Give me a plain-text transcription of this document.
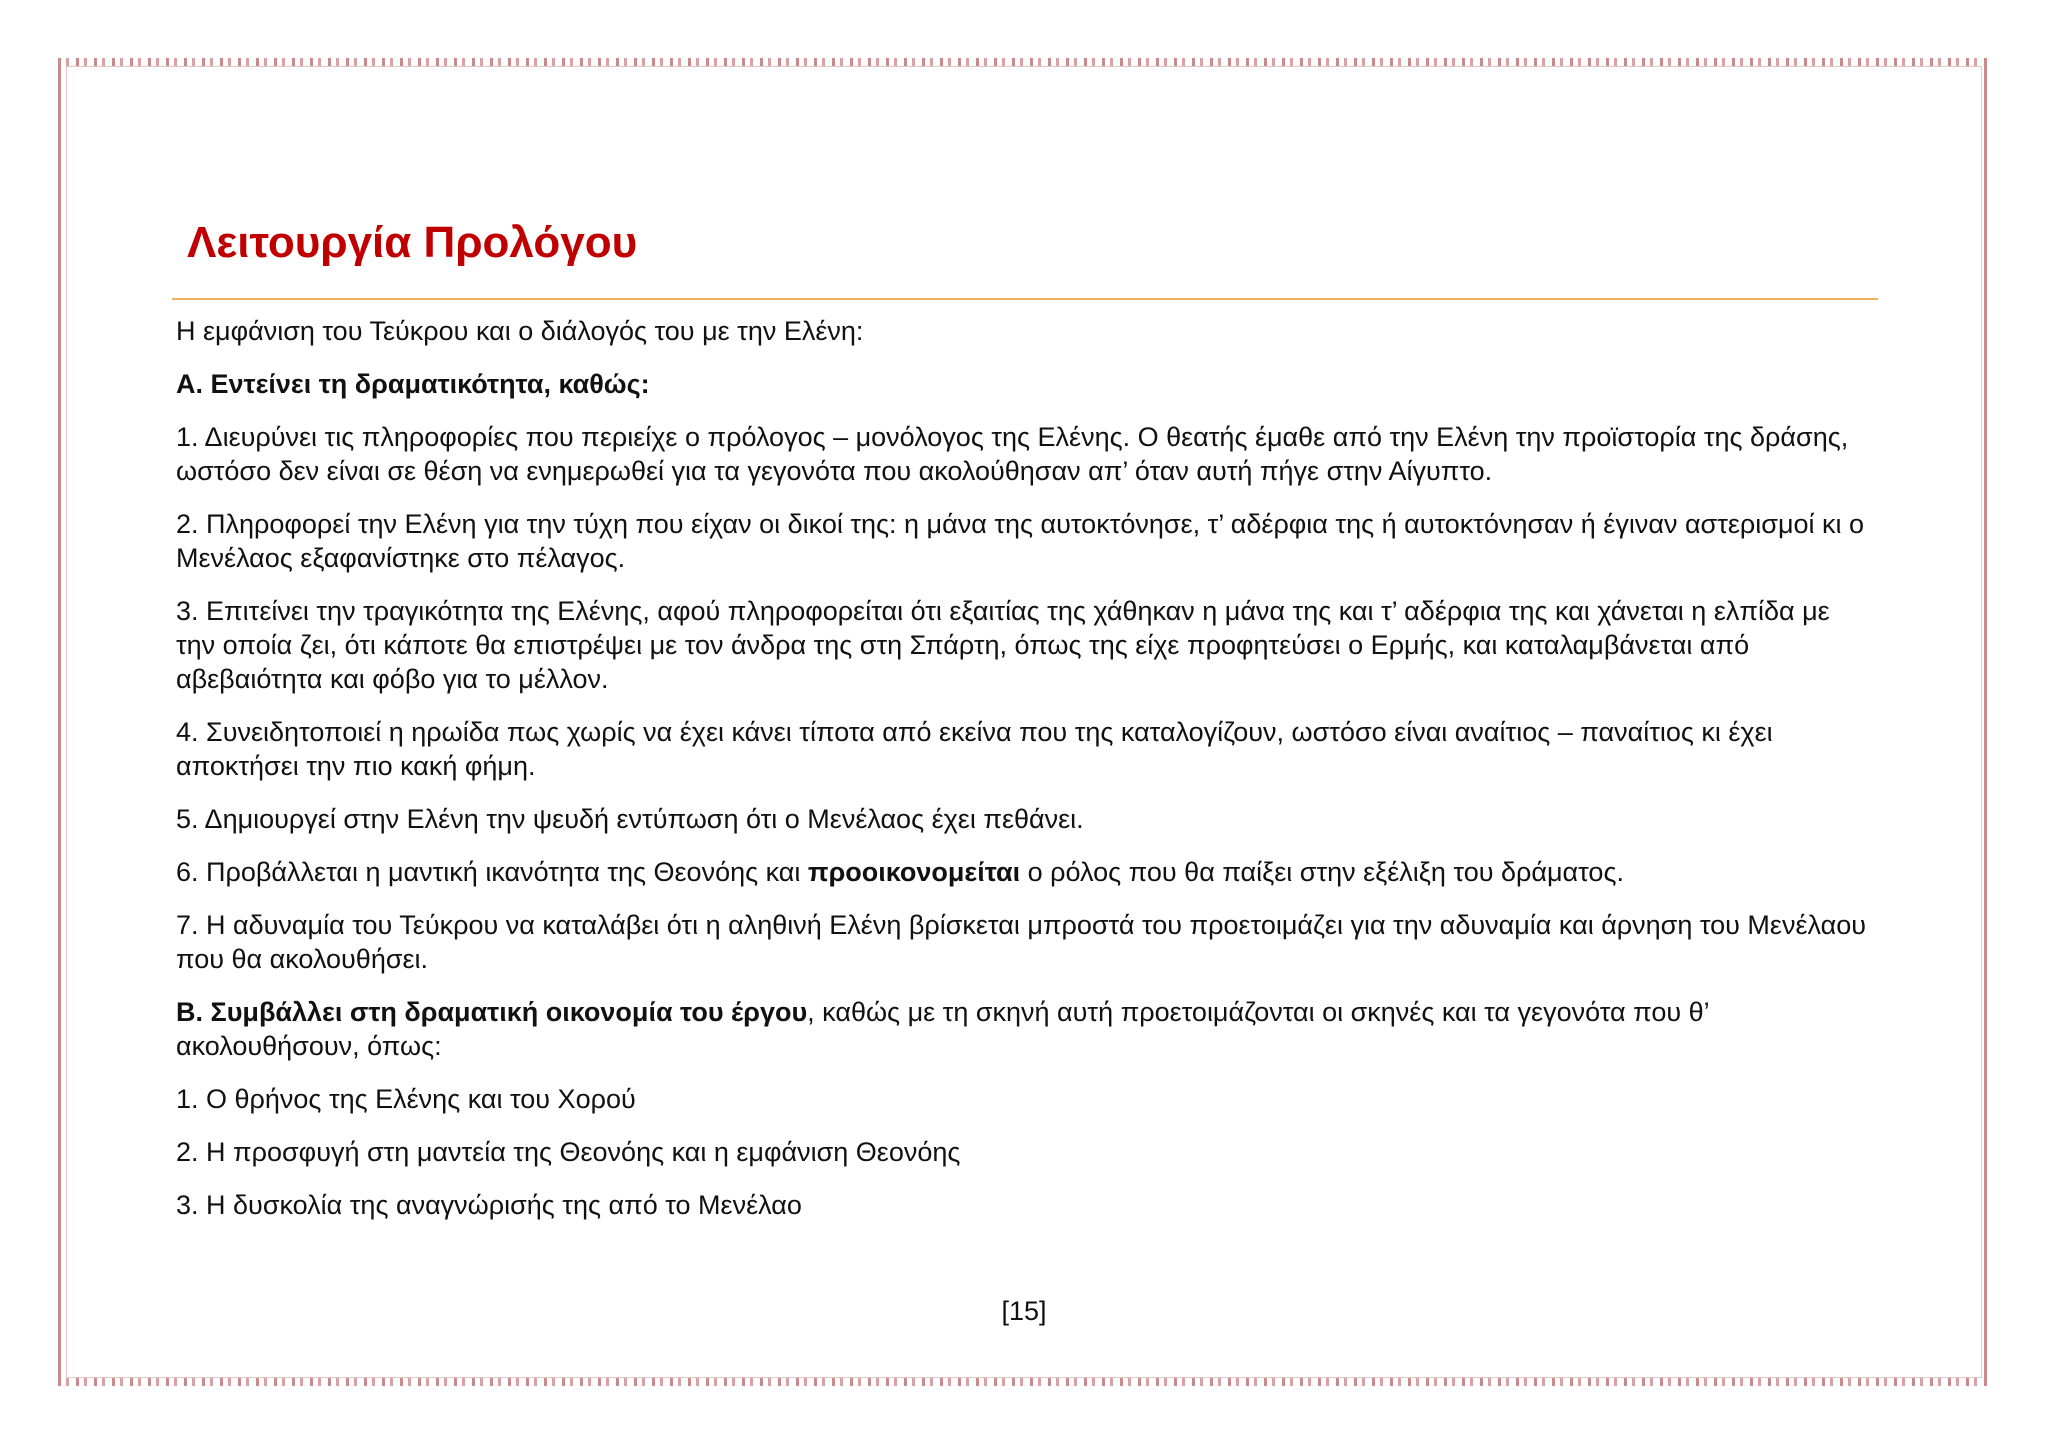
Λειτουργία Προλόγου

Η εμφάνιση του Τεύκρου και ο διάλογός του με την Ελένη:

Α. Εντείνει τη δραματικότητα, καθώς:

1. Διευρύνει τις πληροφορίες που περιείχε ο πρόλογος – μονόλογος της Ελένης. Ο θεατής έμαθε από την Ελένη την προϊστορία της δράσης, ωστόσο δεν είναι σε θέση να ενημερωθεί για τα γεγονότα που ακολούθησαν απ’ όταν αυτή πήγε στην Αίγυπτο.

2. Πληροφορεί την Ελένη για την τύχη που είχαν οι δικοί της: η μάνα της αυτοκτόνησε, τ’ αδέρφια της ή αυτοκτόνησαν ή έγιναν αστερισμοί κι ο Μενέλαος εξαφανίστηκε στο πέλαγος.

3. Επιτείνει την τραγικότητα της Ελένης, αφού πληροφορείται ότι εξαιτίας της χάθηκαν η μάνα της και τ’ αδέρφια της και χάνεται η ελπίδα με την οποία ζει, ότι κάποτε θα επιστρέψει με τον άνδρα της στη Σπάρτη, όπως της είχε προφητεύσει ο Ερμής, και καταλαμβάνεται από αβεβαιότητα και φόβο για το μέλλον.

4. Συνειδητοποιεί η ηρωίδα πως χωρίς να έχει κάνει τίποτα από εκείνα που της καταλογίζουν, ωστόσο είναι αναίτιος – παναίτιος κι έχει αποκτήσει την πιο κακή φήμη.

5. Δημιουργεί στην Ελένη την ψευδή εντύπωση ότι ο Μενέλαος έχει πεθάνει.

6. Προβάλλεται η μαντική ικανότητα της Θεονόης και προοικονομείται ο ρόλος που θα παίξει στην εξέλιξη του δράματος.

7. Η αδυναμία του Τεύκρου να καταλάβει ότι η αληθινή Ελένη βρίσκεται μπροστά του προετοιμάζει για την αδυναμία και άρνηση του Μενέλαου που θα ακολουθήσει.

Β. Συμβάλλει στη δραματική οικονομία του έργου, καθώς με τη σκηνή αυτή προετοιμάζονται οι σκηνές και τα γεγονότα που θ’ ακολουθήσουν, όπως:

1. Ο θρήνος της Ελένης και του Χορού

2. Η προσφυγή στη μαντεία της Θεονόης και η εμφάνιση Θεονόης

3. Η δυσκολία της αναγνώρισής της από το Μενέλαο

[15]
